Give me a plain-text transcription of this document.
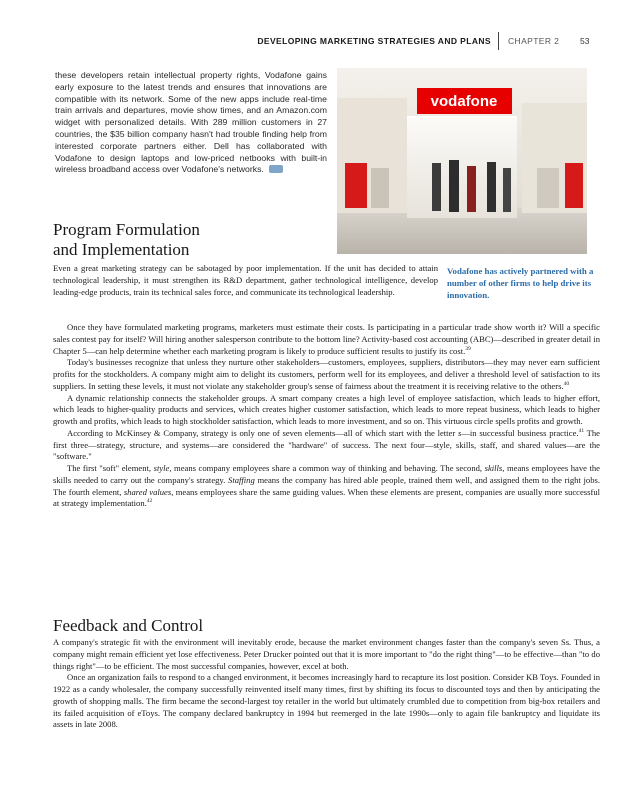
DEVELOPING MARKETING STRATEGIES AND PLANS CHAPTER 2 53
these developers retain intellectual property rights, Vodafone gains early exposure to the latest trends and ensures that innovations are compatible with its network. Some of the new apps include real-time train arrivals and departures, movie show times, and an Amazon.com widget with personalized details. With 289 million customers in 27 countries, the $35 billion company hasn't had trouble finding help from interested corporate partners either. Dell has collaborated with Vodafone to design laptops and low-priced netbooks with built-in wireless broadband access over Vodafone's networks.
vodafone
Vodafone has actively partnered with a number of other firms to help drive its innovation.
Program Formulation
and Implementation

Even a great marketing strategy can be sabotaged by poor implementation. If the unit has decided to attain technological leadership, it must strengthen its R&D department, gather technological intelligence, develop leading-edge products, train its technical sales force, and communicate its technological leadership.

Once they have formulated marketing programs, marketers must estimate their costs. Is participating in a particular trade show worth it? Will a specific sales contest pay for itself? Will hiring another salesperson contribute to the bottom line? Activity-based cost accounting (ABC)—described in greater detail in Chapter 5—can help determine whether each marketing program is likely to produce sufficient results to justify its cost.$^{39}$

Today's businesses recognize that unless they nurture other stakeholders—customers, employees, suppliers, distributors—they may never earn sufficient profits for the stockholders. A company might aim to delight its customers, perform well for its employees, and deliver a threshold level of satisfaction to its suppliers. In setting these levels, it must not violate any stakeholder group's sense of fairness about the treatment it is receiving relative to the others.$^{40}$

A dynamic relationship connects the stakeholder groups. A smart company creates a high level of employee satisfaction, which leads to higher effort, which leads to higher-quality products and services, which creates higher customer satisfaction, which leads to more repeat business, which leads to higher growth and profits, which leads to high stockholder satisfaction, which leads to more investment, and so on. This virtuous circle spells profits and growth.

According to McKinsey & Company, strategy is only one of seven elements—all of which start with the letter s—in successful business practice.$^{41}$ The first three—strategy, structure, and systems—are considered the "hardware" of success. The next four—style, skills, staff, and shared values—are the "software."

The first "soft" element, style, means company employees share a common way of thinking and behaving. The second, skills, means employees have the skills needed to carry out the company's strategy. Staffing means the company has hired able people, trained them well, and assigned them to the right jobs. The fourth element, shared values, means employees share the same guiding values. When these elements are present, companies are usually more successful at strategy implementation.$^{42}$

Feedback and Control

A company's strategic fit with the environment will inevitably erode, because the market environment changes faster than the company's seven Ss. Thus, a company might remain efficient yet lose effectiveness. Peter Drucker pointed out that it is more important to "do the right thing"—to be effective—than "to do things right"—to be efficient. The most successful companies, however, excel at both.

Once an organization fails to respond to a changed environment, it becomes increasingly hard to recapture its lost position. Consider KB Toys. Founded in 1922 as a candy wholesaler, the company successfully reinvented itself many times, first by shifting its focus to discounted toys and then by anticipating the growth of shopping malls. The firm became the second-largest toy retailer in the world but ultimately crumbled due to competition from big-box retailers and its failed acquisition of eToys. The company declared bankruptcy in 1994 but reemerged in the late 1990s—only to again file bankruptcy and liquidate its assets in late 2008.
